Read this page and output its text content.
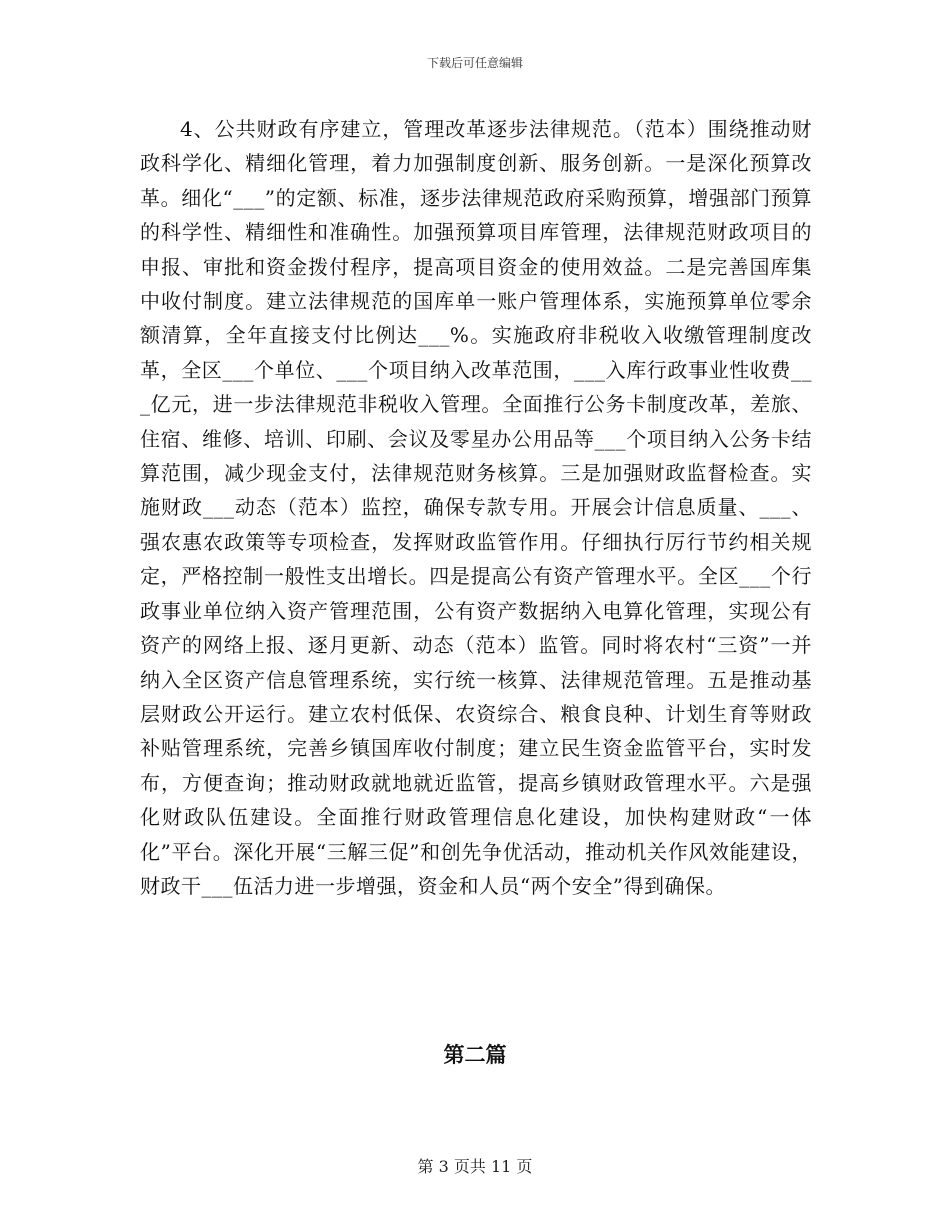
下载后可任意编辑

4、公共财政有序建立，管理改革逐步法律规范。（范本）围绕推动财政科学化、精细化管理，着力加强制度创新、服务创新。一是深化预算改革。细化“___”的定额、标准，逐步法律规范政府采购预算，增强部门预算的科学性、精细性和准确性。加强预算项目库管理，法律规范财政项目的申报、审批和资金拨付程序，提高项目资金的使用效益。二是完善国库集中收付制度。建立法律规范的国库单一账户管理体系，实施预算单位零余额清算，全年直接支付比例达___%。实施政府非税收入收缴管理制度改革，全区___个单位、___个项目纳入改革范围，___入库行政事业性收费___亿元，进一步法律规范非税收入管理。全面推行公务卡制度改革，差旅、住宿、维修、培训、印刷、会议及零星办公用品等___个项目纳入公务卡结算范围，减少现金支付，法律规范财务核算。三是加强财政监督检查。实施财政___动态（范本）监控，确保专款专用。开展会计信息质量、___、强农惠农政策等专项检查，发挥财政监管作用。仔细执行厉行节约相关规定，严格控制一般性支出增长。四是提高公有资产管理水平。全区___个行政事业单位纳入资产管理范围，公有资产数据纳入电算化管理，实现公有资产的网络上报、逐月更新、动态（范本）监管。同时将农村“三资”一并纳入全区资产信息管理系统，实行统一核算、法律规范管理。五是推动基层财政公开运行。建立农村低保、农资综合、粮食良种、计划生育等财政补贴管理系统，完善乡镇国库收付制度；建立民生资金监管平台，实时发布，方便查询；推动财政就地就近监管，提高乡镇财政管理水平。六是强化财政队伍建设。全面推行财政管理信息化建设，加快构建财政“一体化”平台。深化开展“三解三促”和创先争优活动，推动机关作风效能建设，财政干___伍活力进一步增强，资金和人员“两个安全”得到确保。

第二篇
第 3 页共 11 页
